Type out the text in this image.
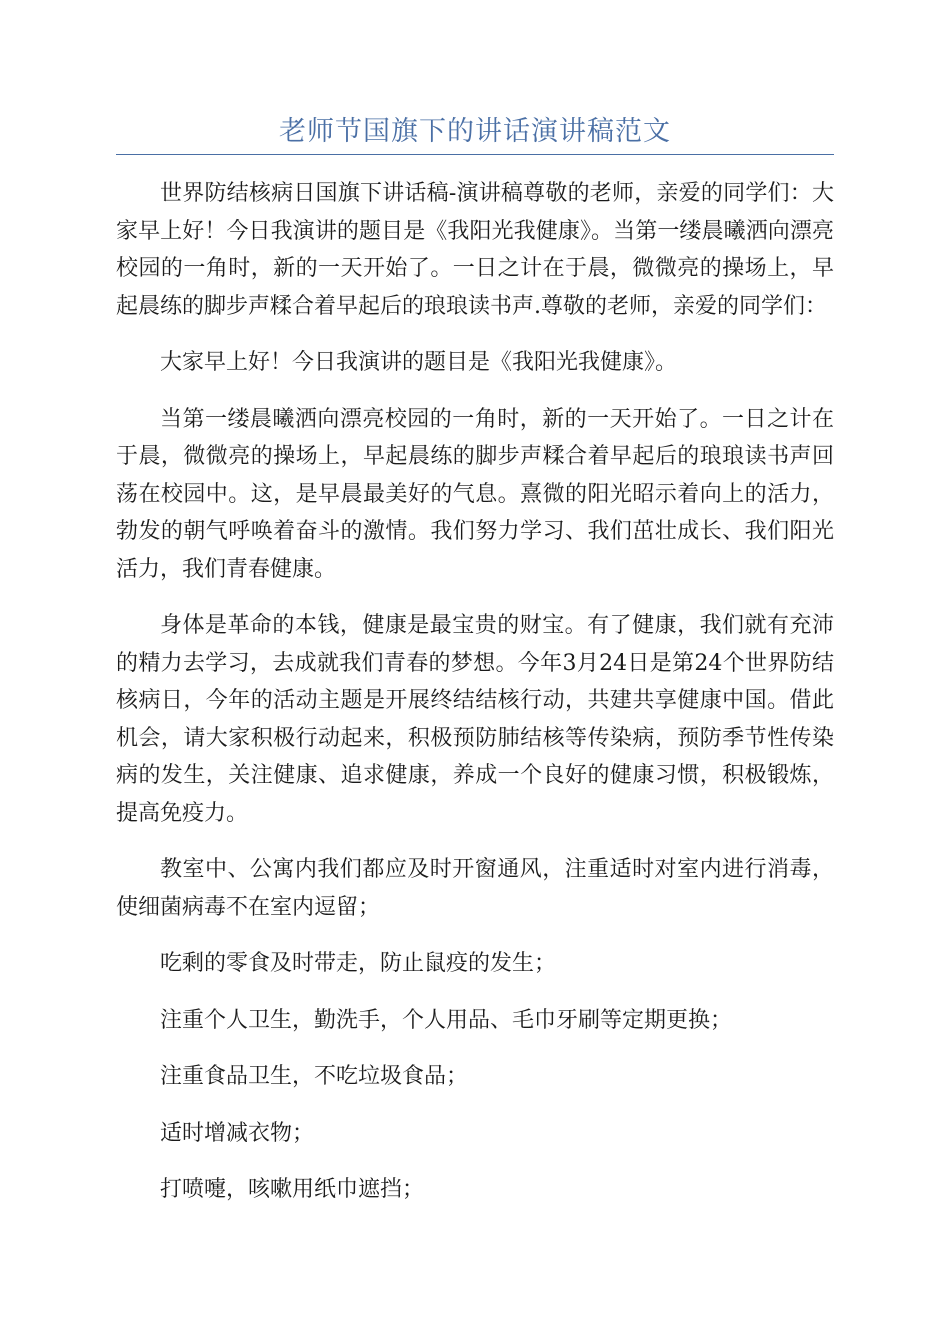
老师节国旗下的讲话演讲稿范文

世界防结核病日国旗下讲话稿-演讲稿尊敬的老师，亲爱的同学们：大家早上好！今日我演讲的题目是《我阳光我健康》。当第一缕晨曦洒向漂亮校园的一角时，新的一天开始了。一日之计在于晨，微微亮的操场上，早起晨练的脚步声糅合着早起后的琅琅读书声.尊敬的老师，亲爱的同学们：

大家早上好！今日我演讲的题目是《我阳光我健康》。

当第一缕晨曦洒向漂亮校园的一角时，新的一天开始了。一日之计在于晨，微微亮的操场上，早起晨练的脚步声糅合着早起后的琅琅读书声回荡在校园中。这，是早晨最美好的气息。熹微的阳光昭示着向上的活力，勃发的朝气呼唤着奋斗的激情。我们努力学习、我们茁壮成长、我们阳光活力，我们青春健康。

身体是革命的本钱，健康是最宝贵的财宝。有了健康，我们就有充沛的精力去学习，去成就我们青春的梦想。今年3月24日是第24个世界防结核病日，今年的活动主题是开展终结结核行动，共建共享健康中国。借此机会，请大家积极行动起来，积极预防肺结核等传染病，预防季节性传染病的发生，关注健康、追求健康，养成一个良好的健康习惯，积极锻炼，提高免疫力。

教室中、公寓内我们都应及时开窗通风，注重适时对室内进行消毒，使细菌病毒不在室内逗留；

吃剩的零食及时带走，防止鼠疫的发生；

注重个人卫生，勤洗手，个人用品、毛巾牙刷等定期更换；

注重食品卫生，不吃垃圾食品；

适时增减衣物；

打喷嚏，咳嗽用纸巾遮挡；
